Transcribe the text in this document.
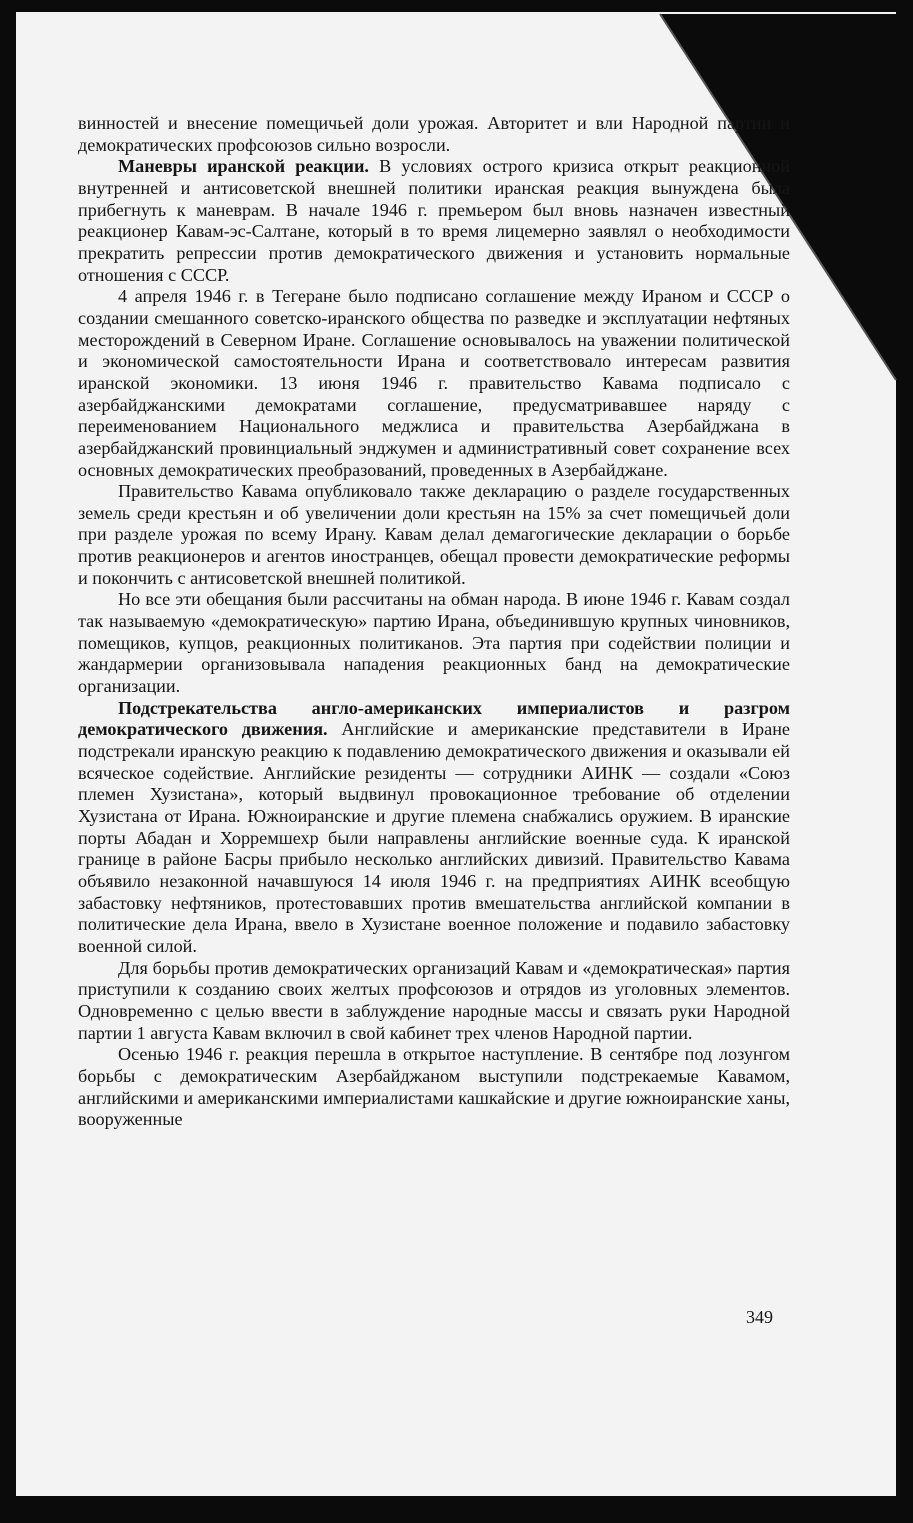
винностей и внесение помещичьей доли урожая. Авторитет и вли Народной партии и демократических профсоюзов сильно возросли.

Маневры иранской реакции. В условиях острого кризиса открыт реакционной внутренней и антисоветской внешней политики иранская реакция вынуждена была прибегнуть к маневрам. В начале 1946 г. премьером был вновь назначен известный реакционер Кавам-эс-Салтане, который в то время лицемерно заявлял о необходимости прекратить репрессии против демократического движения и установить нормальные отношения с СССР.

4 апреля 1946 г. в Тегеране было подписано соглашение между Ираном и СССР о создании смешанного советско-иранского общества по разведке и эксплуатации нефтяных месторождений в Северном Иране. Соглашение основывалось на уважении политической и экономической самостоятельности Ирана и соответствовало интересам развития иранской экономики. 13 июня 1946 г. правительство Кавама подписало с азербайджанскими демократами соглашение, предусматривавшее наряду с переименованием Национального меджлиса и правительства Азербайджана в азербайджанский провинциальный энджумен и административный совет сохранение всех основных демократических преобразований, проведенных в Азербайджане.

Правительство Кавама опубликовало также декларацию о разделе государственных земель среди крестьян и об увеличении доли крестьян на 15% за счет помещичьей доли при разделе урожая по всему Ирану. Кавам делал демагогические декларации о борьбе против реакционеров и агентов иностранцев, обещал провести демократические реформы и покончить с антисоветской внешней политикой.

Но все эти обещания были рассчитаны на обман народа. В июне 1946 г. Кавам создал так называемую «демократическую» партию Ирана, объединившую крупных чиновников, помещиков, купцов, реакционных политиканов. Эта партия при содействии полиции и жандармерии организовывала нападения реакционных банд на демократические организации.

Подстрекательства англо-американских империалистов и разгром демократического движения. Английские и американские представители в Иране подстрекали иранскую реакцию к подавлению демократического движения и оказывали ей всяческое содействие. Английские резиденты — сотрудники АИНК — создали «Союз племен Хузистана», который выдвинул провокационное требование об отделении Хузистана от Ирана. Южноиранские и другие племена снабжались оружием. В иранские порты Абадан и Хорремшехр были направлены английские военные суда. К иранской границе в районе Басры прибыло несколько английских дивизий. Правительство Кавама объявило незаконной начавшуюся 14 июля 1946 г. на предприятиях АИНК всеобщую забастовку нефтяников, протестовавших против вмешательства английской компании в политические дела Ирана, ввело в Хузистане военное положение и подавило забастовку военной силой.

Для борьбы против демократических организаций Кавам и «демократическая» партия приступили к созданию своих желтых профсоюзов и отрядов из уголовных элементов. Одновременно с целью ввести в заблуждение народные массы и связать руки Народной партии 1 августа Кавам включил в свой кабинет трех членов Народной партии.

Осенью 1946 г. реакция перешла в открытое наступление. В сентябре под лозунгом борьбы с демократическим Азербайджаном выступили подстрекаемые Кавамом, английскими и американскими империалистами кашкайские и другие южноиранские ханы, вооруженные

349
